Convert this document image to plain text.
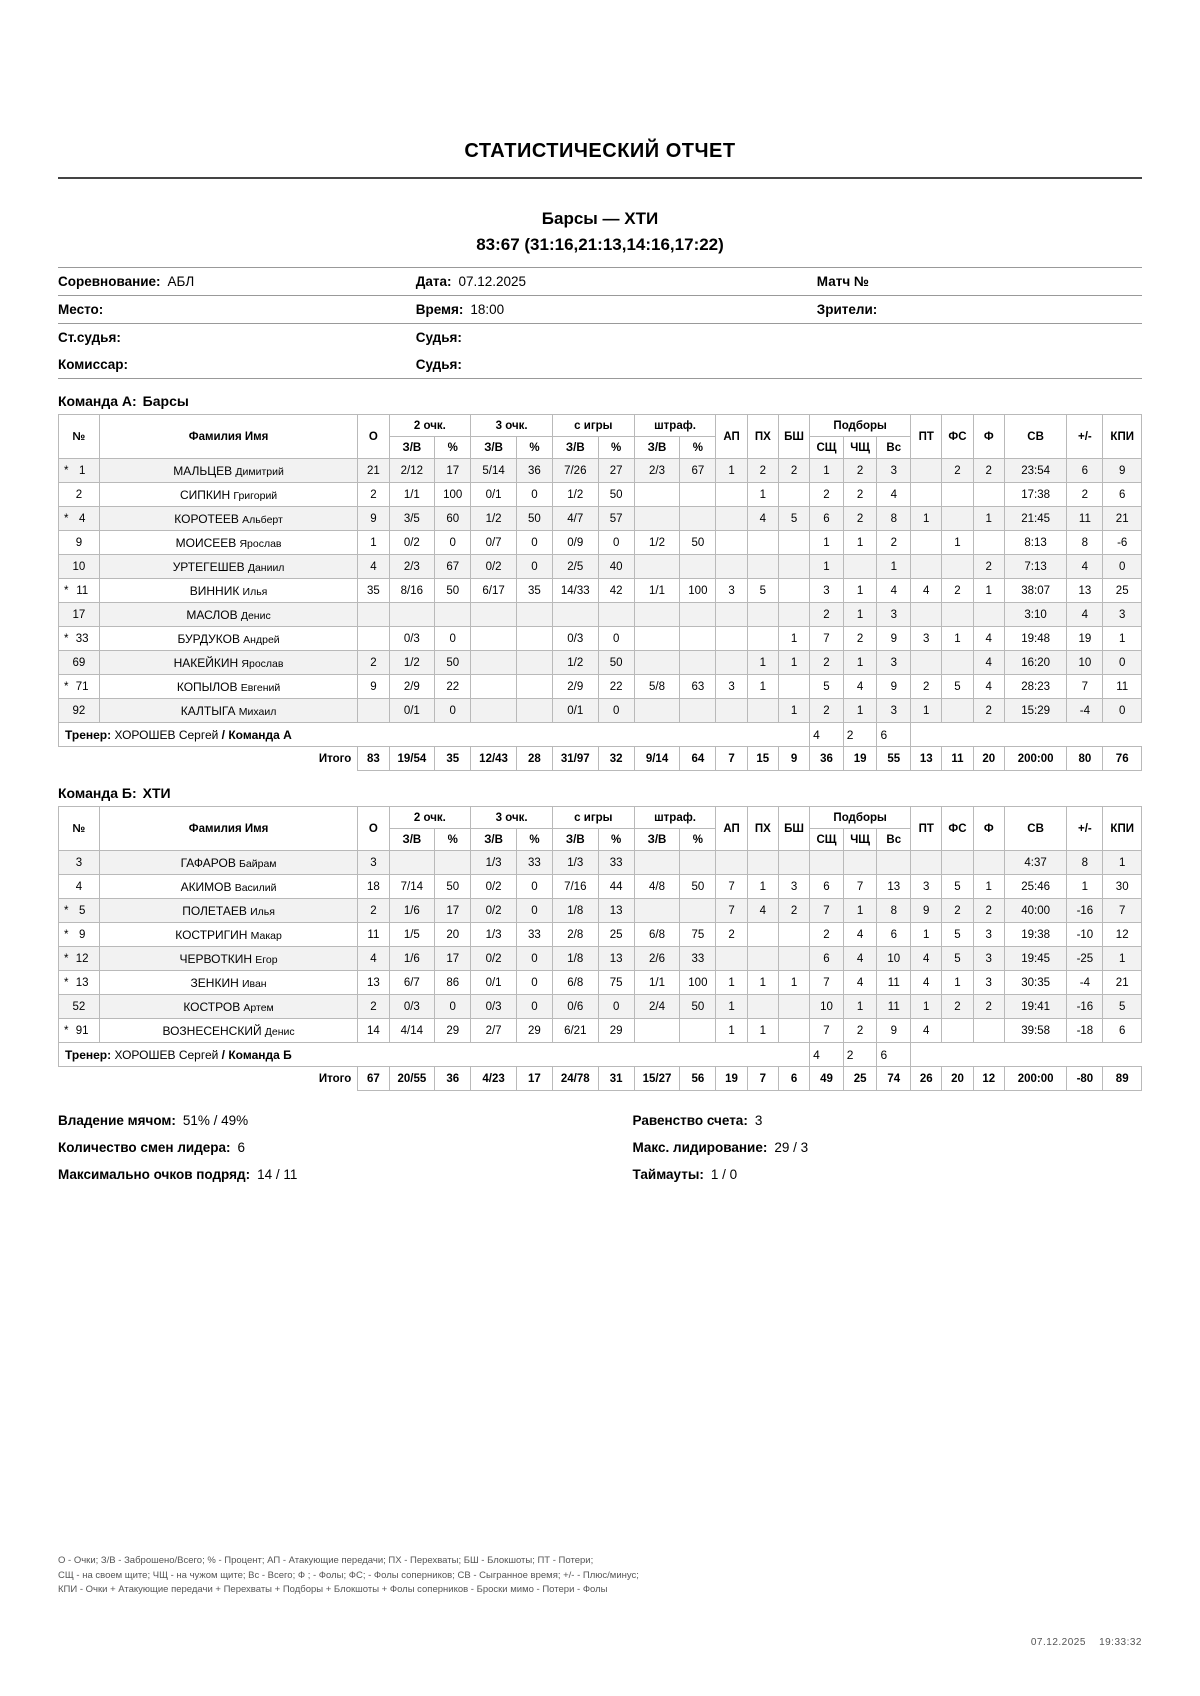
СТАТИСТИЧЕСКИЙ ОТЧЕТ
Барсы — ХТИ
83:67 (31:16,21:13,14:16,17:22)
Соревнование: АБЛ	Дата: 07.12.2025	Матч №
Место:	Время: 18:00	Зрители:
Ст.судья:	Судья:	
Комиссар:	Судья:	
Команда А: Барсы
№	Фамилия Имя	О	2 очк.		3 очк.		с игры		штраф.		АП	ПХ	БШ	Подборы			ПТ	ФС	Ф	СВ	+/-	КПИ
			З/В	%	З/В	%	З/В	%	З/В	%				СЩ	ЧЩ	Вс						

* 1	МАЛЬЦЕВ Димитрий	21	2/12	17	5/14	36	7/26	27	2/3	67	1	2	2	1	2	3		2	2	23:54	6	9

2	СИПКИН Григорий	2	1/1	100	0/1	0	1/2	50				1		2	2	4				17:38	2	6

* 4	КОРОТЕЕВ Альберт	9	3/5	60	1/2	50	4/7	57				4	5	6	2	8	1		1	21:45	11	21

9	МОИСЕЕВ Ярослав	1	0/2	0	0/7	0	0/9	0	1/2	50				1	1	2		1		8:13	8	-6

10	УРТЕГЕШЕВ Даниил	4	2/3	67	0/2	0	2/5	40						1		1			2	7:13	4	0

* 11	ВИННИК Илья	35	8/16	50	6/17	35	14/33	42	1/1	100	3	5		3	1	4	4	2	1	38:07	13	25

17	МАСЛОВ Денис													2	1	3				3:10	4	3

* 33	БУРДУКОВ Андрей		0/3	0			0/3	0					1	7	2	9	3	1	4	19:48	19	1

69	НАКЕЙКИН Ярослав	2	1/2	50			1/2	50				1	1	2	1	3			4	16:20	10	0

* 71	КОПЫЛОВ Евгений	9	2/9	22			2/9	22	5/8	63	3	1		5	4	9	2	5	4	28:23	7	11

92	КАЛТЫГА Михаил		0/1	0			0/1	0					1	2	1	3	1		2	15:29	-4	0
Тренер: ХОРОШЕВ Сергей / Команда А														4	2	6						
Итого		83	19/54	35	12/43	28	31/97	32	9/14	64	7	15	9	36	19	55	13	11	20	200:00	80	76
Команда Б: ХТИ
№	Фамилия Имя	О	2 очк.		3 очк.		с игры		штраф.		АП	ПХ	БШ	Подборы			ПТ	ФС	Ф	СВ	+/-	КПИ
			З/В	%	З/В	%	З/В	%	З/В	%				СЩ	ЧЩ	Вс						

3	ГАФАРОВ Байрам	3			1/3	33	1/3	33												4:37	8	1

4	АКИМОВ Василий	18	7/14	50	0/2	0	7/16	44	4/8	50	7	1	3	6	7	13	3	5	1	25:46	1	30

* 5	ПОЛЕТАЕВ Илья	2	1/6	17	0/2	0	1/8	13			7	4	2	7	1	8	9	2	2	40:00	-16	7

* 9	КОСТРИГИН Макар	11	1/5	20	1/3	33	2/8	25	6/8	75	2			2	4	6	1	5	3	19:38	-10	12

* 12	ЧЕРВОТКИН Егор	4	1/6	17	0/2	0	1/8	13	2/6	33				6	4	10	4	5	3	19:45	-25	1

* 13	ЗЕНКИН Иван	13	6/7	86	0/1	0	6/8	75	1/1	100	1	1	1	7	4	11	4	1	3	30:35	-4	21

52	КОСТРОВ Артем	2	0/3	0	0/3	0	0/6	0	2/4	50	1			10	1	11	1	2	2	19:41	-16	5

* 91	ВОЗНЕСЕНСКИЙ Денис	14	4/14	29	2/7	29	6/21	29			1	1		7	2	9	4			39:58	-18	6
Тренер: ХОРОШЕВ Сергей / Команда Б														4	2	6						
Итого		67	20/55	36	4/23	17	24/78	31	15/27	56	19	7	6	49	25	74	26	20	12	200:00	-80	89
Владение мячом: 51% / 49%	Равенство счета: 3
Количество смен лидера: 6	Макс. лидирование: 29 / 3
Максимально очков подряд: 14 / 11	Таймауты: 1 / 0
О - Очки; З/В - Заброшено/Всего; % - Процент; АП - Атакующие передачи; ПХ - Перехваты; БШ - Блокшоты; ПТ - Потери;
СЩ - на своем щите; ЧЩ - на чужом щите; Вс - Всего; Ф ; - Фолы; ФС; - Фолы соперников; СВ - Сыгранное время; +/- - Плюс/минус;
КПИ - Очки + Атакующие передачи + Перехваты + Подборы + Блокшоты + Фолы соперников - Броски мимо - Потери - Фолы
07.12.2025 19:33:32
